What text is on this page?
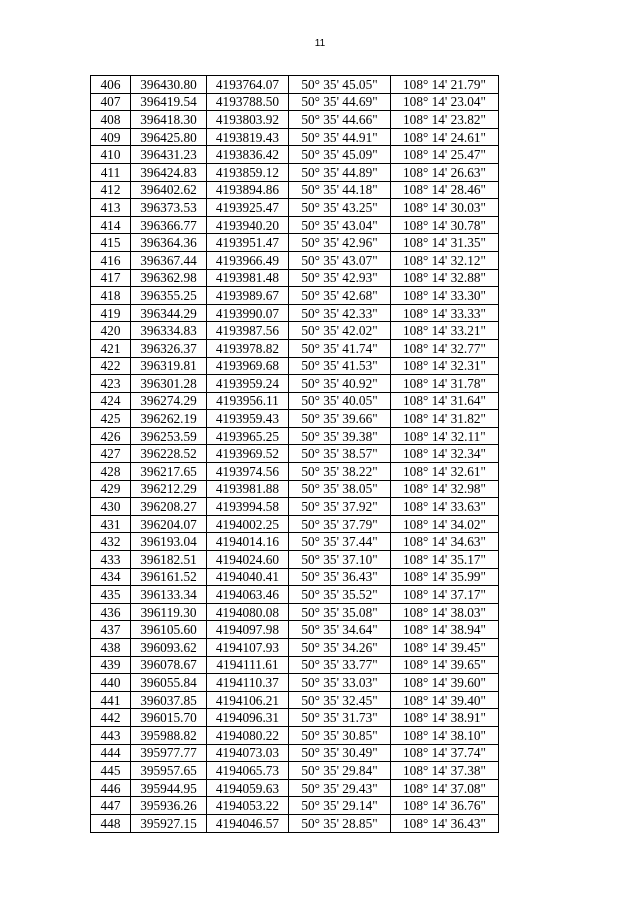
11
406	396430.80	4193764.07	50° 35' 45.05"	108° 14' 21.79"
407	396419.54	4193788.50	50° 35' 44.69"	108° 14' 23.04"
408	396418.30	4193803.92	50° 35' 44.66"	108° 14' 23.82"
409	396425.80	4193819.43	50° 35' 44.91"	108° 14' 24.61"
410	396431.23	4193836.42	50° 35' 45.09"	108° 14' 25.47"
411	396424.83	4193859.12	50° 35' 44.89"	108° 14' 26.63"
412	396402.62	4193894.86	50° 35' 44.18"	108° 14' 28.46"
413	396373.53	4193925.47	50° 35' 43.25"	108° 14' 30.03"
414	396366.77	4193940.20	50° 35' 43.04"	108° 14' 30.78"
415	396364.36	4193951.47	50° 35' 42.96"	108° 14' 31.35"
416	396367.44	4193966.49	50° 35' 43.07"	108° 14' 32.12"
417	396362.98	4193981.48	50° 35' 42.93"	108° 14' 32.88"
418	396355.25	4193989.67	50° 35' 42.68"	108° 14' 33.30"
419	396344.29	4193990.07	50° 35' 42.33"	108° 14' 33.33"
420	396334.83	4193987.56	50° 35' 42.02"	108° 14' 33.21"
421	396326.37	4193978.82	50° 35' 41.74"	108° 14' 32.77"
422	396319.81	4193969.68	50° 35' 41.53"	108° 14' 32.31"
423	396301.28	4193959.24	50° 35' 40.92"	108° 14' 31.78"
424	396274.29	4193956.11	50° 35' 40.05"	108° 14' 31.64"
425	396262.19	4193959.43	50° 35' 39.66"	108° 14' 31.82"
426	396253.59	4193965.25	50° 35' 39.38"	108° 14' 32.11"
427	396228.52	4193969.52	50° 35' 38.57"	108° 14' 32.34"
428	396217.65	4193974.56	50° 35' 38.22"	108° 14' 32.61"
429	396212.29	4193981.88	50° 35' 38.05"	108° 14' 32.98"
430	396208.27	4193994.58	50° 35' 37.92"	108° 14' 33.63"
431	396204.07	4194002.25	50° 35' 37.79"	108° 14' 34.02"
432	396193.04	4194014.16	50° 35' 37.44"	108° 14' 34.63"
433	396182.51	4194024.60	50° 35' 37.10"	108° 14' 35.17"
434	396161.52	4194040.41	50° 35' 36.43"	108° 14' 35.99"
435	396133.34	4194063.46	50° 35' 35.52"	108° 14' 37.17"
436	396119.30	4194080.08	50° 35' 35.08"	108° 14' 38.03"
437	396105.60	4194097.98	50° 35' 34.64"	108° 14' 38.94"
438	396093.62	4194107.93	50° 35' 34.26"	108° 14' 39.45"
439	396078.67	4194111.61	50° 35' 33.77"	108° 14' 39.65"
440	396055.84	4194110.37	50° 35' 33.03"	108° 14' 39.60"
441	396037.85	4194106.21	50° 35' 32.45"	108° 14' 39.40"
442	396015.70	4194096.31	50° 35' 31.73"	108° 14' 38.91"
443	395988.82	4194080.22	50° 35' 30.85"	108° 14' 38.10"
444	395977.77	4194073.03	50° 35' 30.49"	108° 14' 37.74"
445	395957.65	4194065.73	50° 35' 29.84"	108° 14' 37.38"
446	395944.95	4194059.63	50° 35' 29.43"	108° 14' 37.08"
447	395936.26	4194053.22	50° 35' 29.14"	108° 14' 36.76"
448	395927.15	4194046.57	50° 35' 28.85"	108° 14' 36.43"
